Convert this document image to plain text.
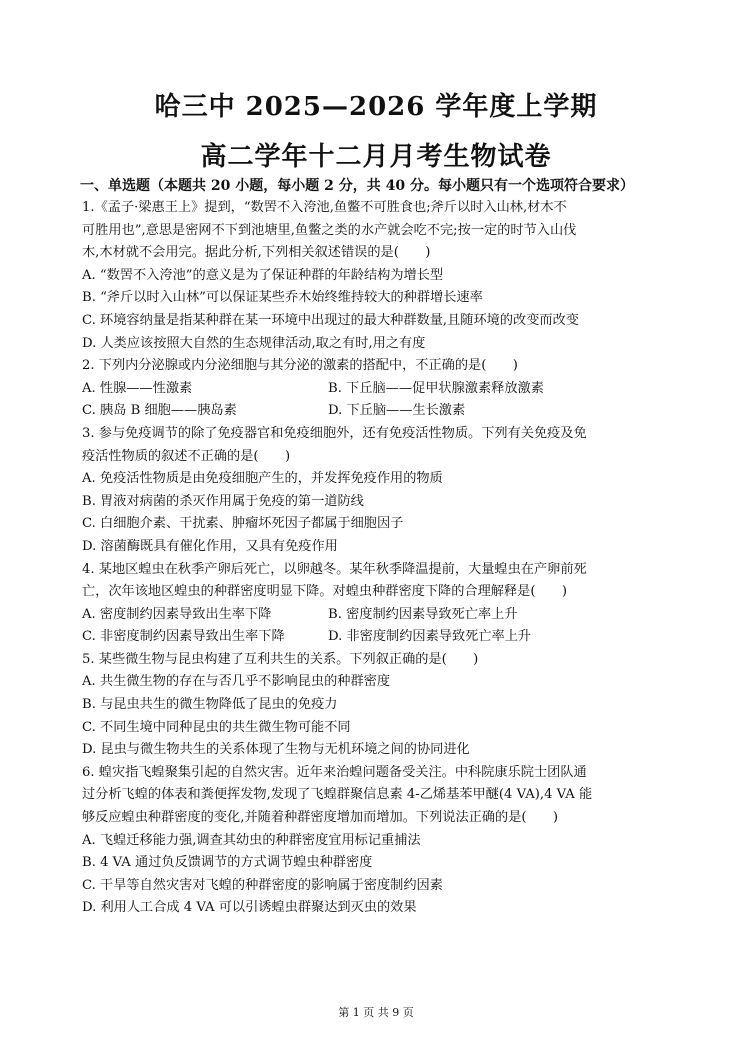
哈三中 2025—2026 学年度上学期
高二学年十二月月考生物试卷
一、单选题（本题共 20 小题，每小题 2 分，共 40 分。每小题只有一个选项符合要求）
1.《孟子·梁惠王上》提到，“数罟不入洿池,鱼鳖不可胜食也;斧斤以时入山林,材木不
可胜用也”,意思是密网不下到池塘里,鱼鳖之类的水产就会吃不完;按一定的时节入山伐
木,木材就不会用完。据此分析,下列相关叙述错误的是(　　)
A. “数罟不入洿池”的意义是为了保证种群的年龄结构为增长型
B. “斧斤以时入山林”可以保证某些乔木始终维持较大的种群增长速率
C. 环境容纳量是指某种群在某一环境中出现过的最大种群数量,且随环境的改变而改变
D. 人类应该按照大自然的生态规律活动,取之有时,用之有度
2. 下列内分泌腺或内分泌细胞与其分泌的激素的搭配中，不正确的是(　　)
A. 性腺——性激素	B. 下丘脑——促甲状腺激素释放激素
C. 胰岛 B 细胞——胰岛素	D. 下丘脑——生长激素
3. 参与免疫调节的除了免疫器官和免疫细胞外，还有免疫活性物质。下列有关免疫及免
疫活性物质的叙述不正确的是(　　)
A. 免疫活性物质是由免疫细胞产生的，并发挥免疫作用的物质
B. 胃液对病菌的杀灭作用属于免疫的第一道防线
C. 白细胞介素、干扰素、肿瘤坏死因子都属于细胞因子
D. 溶菌酶既具有催化作用，又具有免疫作用
4. 某地区蝗虫在秋季产卵后死亡，以卵越冬。某年秋季降温提前，大量蝗虫在产卵前死
亡，次年该地区蝗虫的种群密度明显下降。对蝗虫种群密度下降的合理解释是(　　)
A. 密度制约因素导致出生率下降	B. 密度制约因素导致死亡率上升
C. 非密度制约因素导致出生率下降	D. 非密度制约因素导致死亡率上升
5. 某些微生物与昆虫构建了互利共生的关系。下列叙正确的是(　　)
A. 共生微生物的存在与否几乎不影响昆虫的种群密度
B. 与昆虫共生的微生物降低了昆虫的免疫力
C. 不同生境中同种昆虫的共生微生物可能不同
D. 昆虫与微生物共生的关系体现了生物与无机环境之间的协同进化
6. 蝗灾指飞蝗聚集引起的自然灾害。近年来治蝗问题备受关注。中科院康乐院士团队通
过分析飞蝗的体表和粪便挥发物,发现了飞蝗群聚信息素 4-乙烯基苯甲醚(4 VA),4 VA 能
够反应蝗虫种群密度的变化,并随着种群密度增加而增加。下列说法正确的是(　　)
A. 飞蝗迁移能力强,调查其幼虫的种群密度宜用标记重捕法
B. 4 VA 通过负反馈调节的方式调节蝗虫种群密度
C. 干旱等自然灾害对飞蝗的种群密度的影响属于密度制约因素
D. 利用人工合成 4 VA 可以引诱蝗虫群聚达到灭虫的效果
第 1 页 共 9 页
